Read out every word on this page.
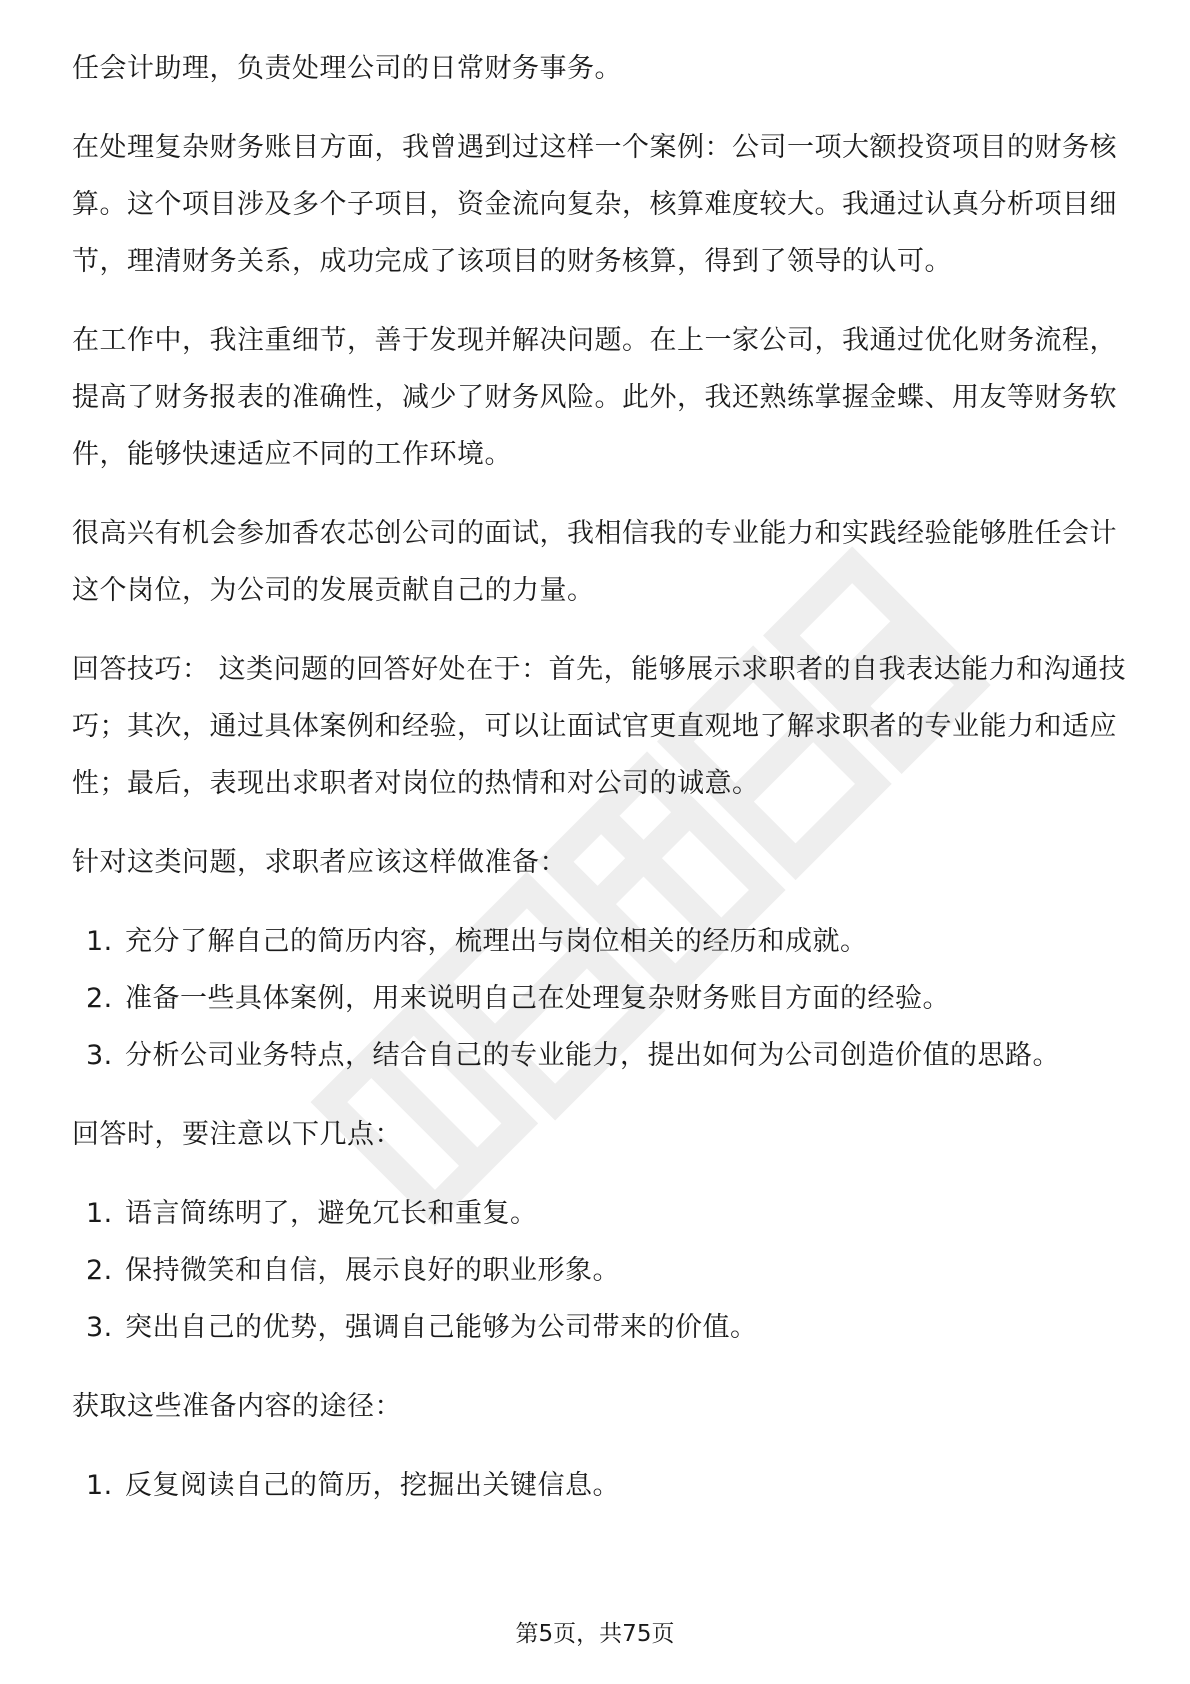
任会计助理，负责处理公司的日常财务事务。

在处理复杂财务账目方面，我曾遇到过这样一个案例：公司一项大额投资项目的财务核算。这个项目涉及多个子项目，资金流向复杂，核算难度较大。我通过认真分析项目细节，理清财务关系，成功完成了该项目的财务核算，得到了领导的认可。

在工作中，我注重细节，善于发现并解决问题。在上一家公司，我通过优化财务流程，提高了财务报表的准确性，减少了财务风险。此外，我还熟练掌握金蝶、用友等财务软件，能够快速适应不同的工作环境。

很高兴有机会参加香农芯创公司的面试，我相信我的专业能力和实践经验能够胜任会计这个岗位，为公司的发展贡献自己的力量。

回答技巧： 这类问题的回答好处在于：首先，能够展示求职者的自我表达能力和沟通技巧；其次，通过具体案例和经验，可以让面试官更直观地了解求职者的专业能力和适应性；最后，表现出求职者对岗位的热情和对公司的诚意。

针对这类问题，求职者应该这样做准备：

1. 充分了解自己的简历内容，梳理出与岗位相关的经历和成就。
2. 准备一些具体案例，用来说明自己在处理复杂财务账目方面的经验。
3. 分析公司业务特点，结合自己的专业能力，提出如何为公司创造价值的思路。

回答时，要注意以下几点：

1. 语言简练明了，避免冗长和重复。
2. 保持微笑和自信，展示良好的职业形象。
3. 突出自己的优势，强调自己能够为公司带来的价值。

获取这些准备内容的途径：

1. 反复阅读自己的简历，挖掘出关键信息。
第5页，共75页
